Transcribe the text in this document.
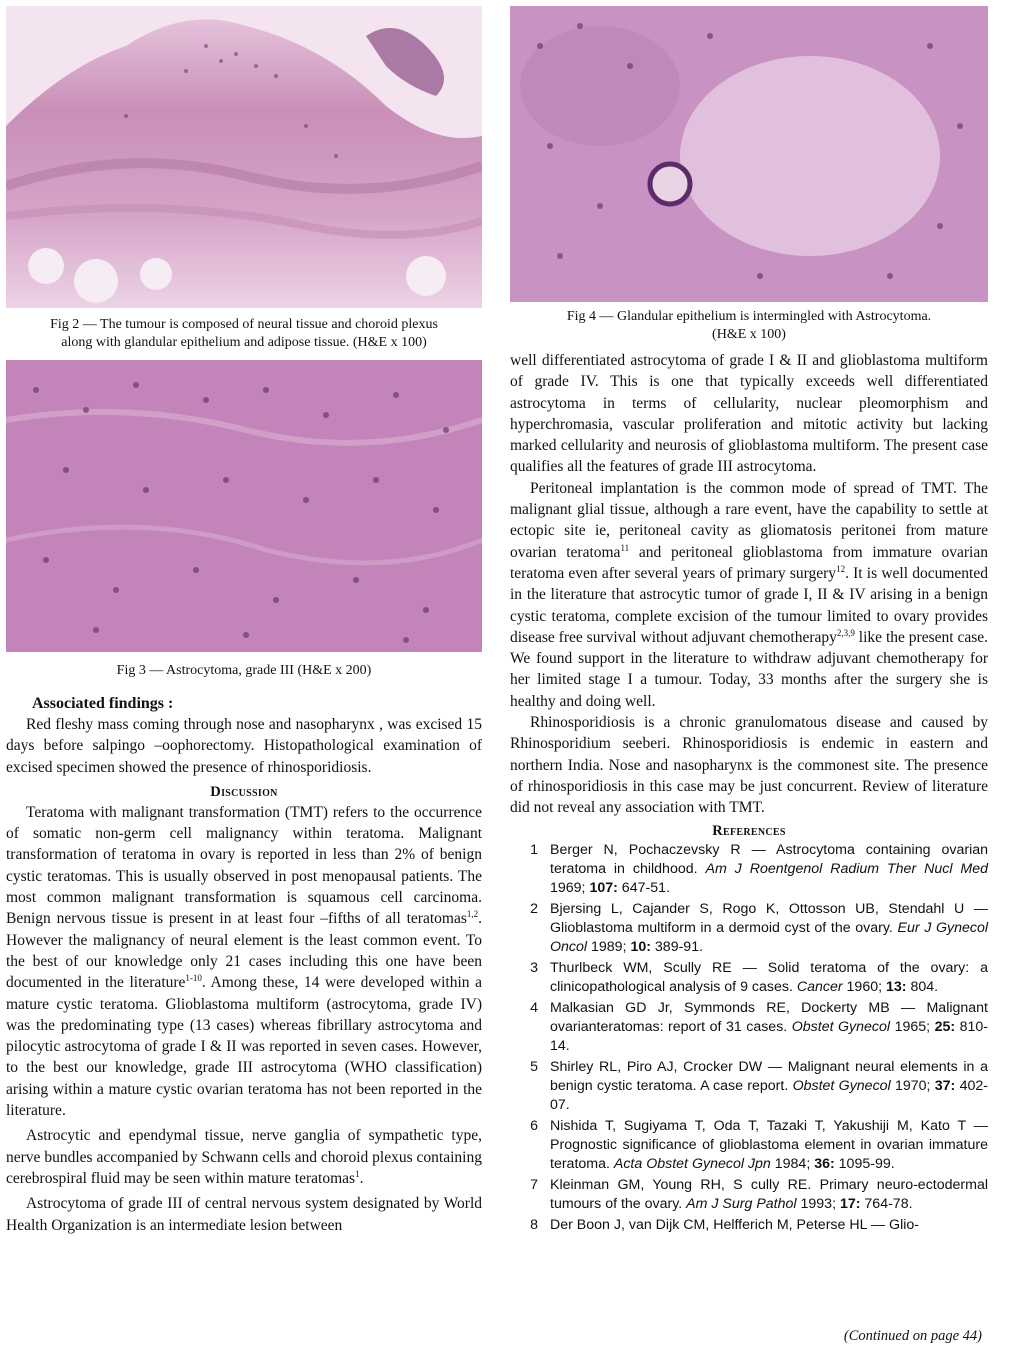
Fig 2 — The tumour is composed of neural tissue and choroid plexus
along with glandular epithelium and adipose tissue. (H&E x 100)

Fig 3 — Astrocytoma, grade III (H&E x 200)

Associated findings :

Red fleshy mass coming through nose and nasopharynx , was excised 15 days before salpingo –oophorectomy. Histopathological examination of excised specimen showed the presence of rhinosporidiosis.

Discussion

Teratoma with malignant transformation (TMT) refers to the occurrence of somatic non-germ cell malignancy within teratoma. Malignant transformation of teratoma in ovary is reported in less than 2% of benign cystic teratomas. This is usually observed in post menopausal patients. The most common malignant transformation is squamous cell carcinoma. Benign nervous tissue is present in at least four –fifths of all teratomas$^{1,2}$. However the malignancy of neural element is the least common event. To the best of our knowledge only 21 cases including this one have been documented in the literature$^{1-10}$. Among these, 14 were developed within a mature cystic teratoma. Glioblastoma multiform (astrocytoma, grade IV) was the predominating type (13 cases) whereas fibrillary astrocytoma and pilocytic astrocytoma of grade I & II was reported in seven cases. However, to the best our knowledge, grade III astrocytoma (WHO classification) arising within a mature cystic ovarian teratoma has not been reported in the literature.

Astrocytic and ependymal tissue, nerve ganglia of sympathetic type, nerve bundles accompanied by Schwann cells and choroid plexus containing cerebrospiral fluid may be seen within mature teratomas$^1$.

Astrocytoma of grade III of central nervous system designated by World Health Organization is an intermediate lesion between

Fig 4 — Glandular epithelium is intermingled with Astrocytoma.
(H&E x 100)

well differentiated astrocytoma of grade I & II and glioblastoma multiform of grade IV. This is one that typically exceeds well differentiated astrocytoma in terms of cellularity, nuclear pleomorphism and hyperchromasia, vascular proliferation and mitotic activity but lacking marked cellularity and neurosis of glioblastoma multiform. The present case qualifies all the features of grade III astrocytoma.

Peritoneal implantation is the common mode of spread of TMT. The malignant glial tissue, although a rare event, have the capability to settle at ectopic site ie, peritoneal cavity as gliomatosis peritonei from mature ovarian teratoma$^{11}$ and peritoneal glioblastoma from immature ovarian teratoma even after several years of primary surgery$^{12}$. It is well documented in the literature that astrocytic tumor of grade I, II & IV arising in a benign cystic teratoma, complete excision of the tumour limited to ovary provides disease free survival without adjuvant chemotherapy$^{2,3,9}$ like the present case. We found support in the literature to withdraw adjuvant chemotherapy for her limited stage I a tumour. Today, 33 months after the surgery she is healthy and doing well.

Rhinosporidiosis is a chronic granulomatous disease and caused by Rhinosporidium seeberi. Rhinosporidiosis is endemic in eastern and northern India. Nose and nasopharynx is the commonest site. The presence of rhinosporidiosis in this case may be just concurrent. Review of literature did not reveal any association with TMT.

References

1 Berger N, Pochaczevsky R — Astrocytoma containing ovarian teratoma in childhood. Am J Roentgenol Radium Ther Nucl Med 1969; 107: 647-51.
2 Bjersing L, Cajander S, Rogo K, Ottosson UB, Stendahl U — Glioblastoma multiform in a dermoid cyst of the ovary. Eur J Gynecol Oncol 1989; 10: 389-91.
3 Thurlbeck WM, Scully RE — Solid teratoma of the ovary: a clinicopathological analysis of 9 cases. Cancer 1960; 13: 804.
4 Malkasian GD Jr, Symmonds RE, Dockerty MB — Malignant ovarianteratomas: report of 31 cases. Obstet Gynecol 1965; 25: 810-14.
5 Shirley RL, Piro AJ, Crocker DW — Malignant neural elements in a benign cystic teratoma. A case report. Obstet Gynecol 1970; 37: 402-07.
6 Nishida T, Sugiyama T, Oda T, Tazaki T, Yakushiji M, Kato T — Prognostic significance of glioblastoma element in ovarian immature teratoma. Acta Obstet Gynecol Jpn 1984; 36: 1095-99.
7 Kleinman GM, Young RH, S cully RE. Primary neuro-ectodermal tumours of the ovary. Am J Surg Pathol 1993; 17: 764-78.
8 Der Boon J, van Dijk CM, Helfferich M, Peterse HL — Glio-
(Continued on page 44)
